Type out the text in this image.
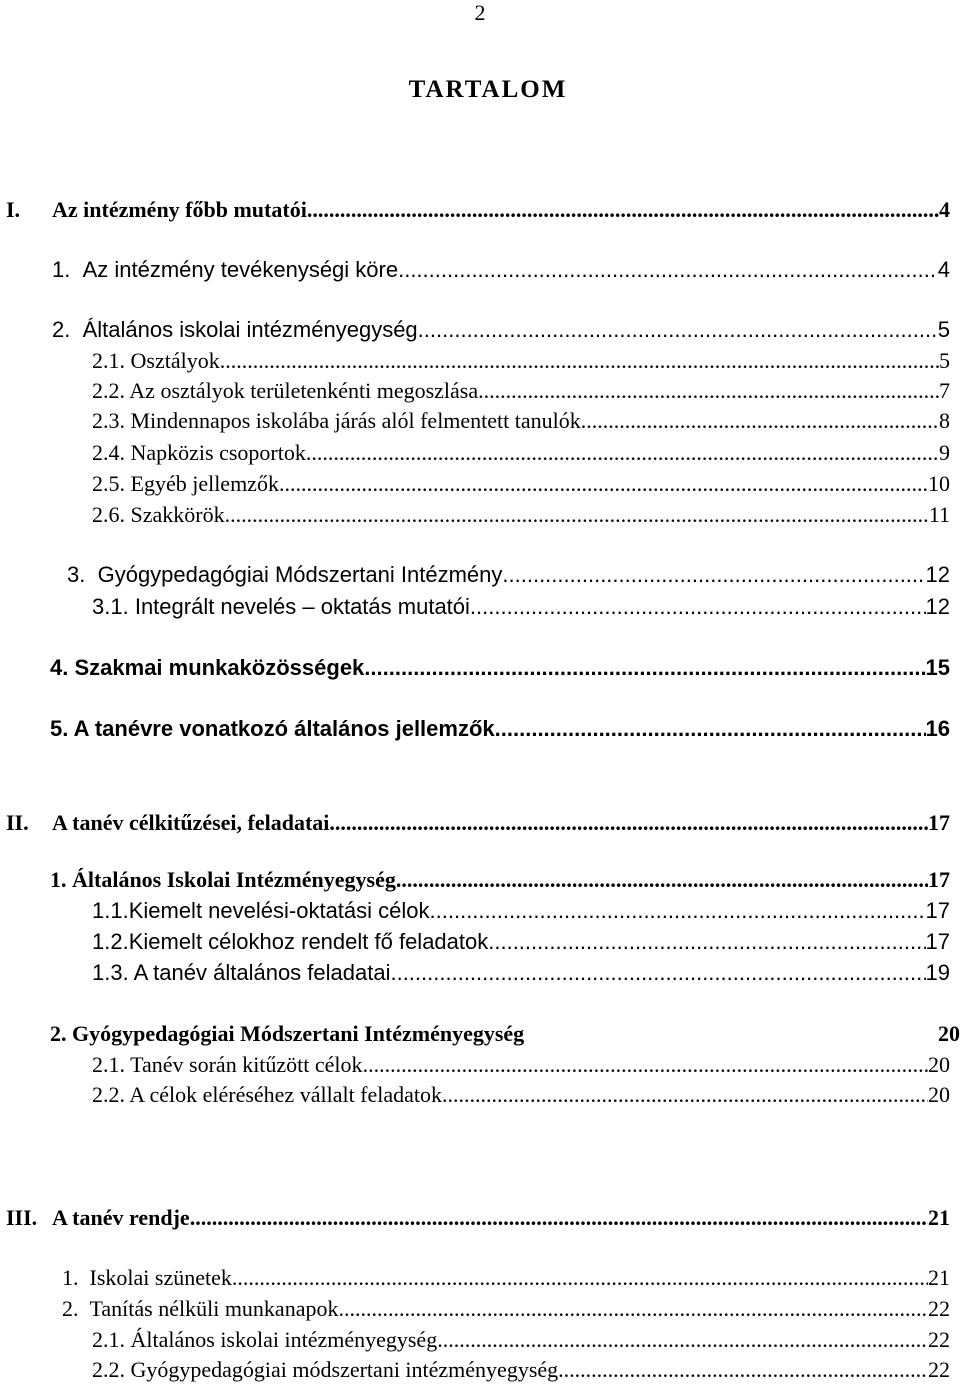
2
TARTALOM
I. Az intézmény főbb mutatói .....	4
1. Az intézmény tevékenységi köre .....	4
2. Általános iskolai intézményegység .....	5
2.1. Osztályok .....	5
2.2. Az osztályok területenkénti megoszlása .....	7
2.3. Mindennapos iskolába járás alól felmentett tanulók .....	8
2.4. Napközis csoportok .....	9
2.5. Egyéb jellemzők .....	10
2.6. Szakkörök .....	11
3. Gyógypedagógiai Módszertani Intézmény .....	12
3.1. Integrált nevelés – oktatás mutatói .....	12
4. Szakmai munkaközösségek .....	15
5. A tanévre vonatkozó általános jellemzők .....	16
II. A tanév célkitűzései, feladatai .....	17
1. Általános Iskolai Intézményegység .....	17
1.1.Kiemelt nevelési-oktatási célok .....	17
1.2.Kiemelt célokhoz rendelt fő feladatok .....	17
1.3. A tanév általános feladatai .....	19
2. Gyógypedagógiai Módszertani Intézményegység	20
2.1. Tanév során kitűzött célok .....	20
2.2. A célok eléréséhez vállalt feladatok .....	20
III. A tanév rendje .....	21
1. Iskolai szünetek .....	21
2. Tanítás nélküli munkanapok .....	22
2.1. Általános iskolai intézményegység .....	22
2.2. Gyógypedagógiai módszertani intézményegység .....	22
